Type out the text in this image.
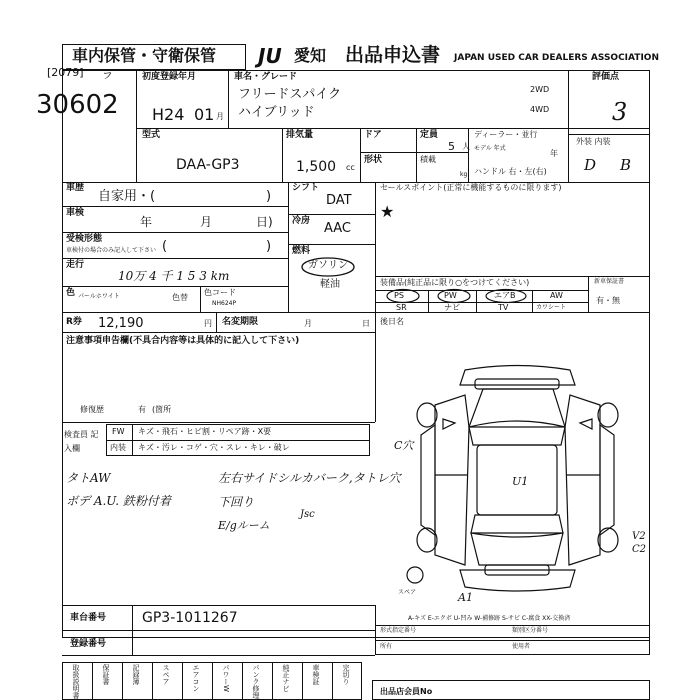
車内保管・守衛保管 JU 愛知 出品申込書 JAPAN USED CAR DEALERS ASSOCIATION
[2079] ラ
30602
初度登録年月
H24 01 月
車名・グレード
フリードスパイク
ハイブリッド
2WD
4WD
評価点
3
外装 内装
D B
型式
DAA-GP3
排気量
1,500 cc
ドア
形状
定員
5 人
積載
kg
ディーラー・並行
モデル 年式
年
ハンドル 右・左(右)
車歴
自家用・(	)
車検
年	月	日)
受検形態
車検付の場合のみ記入して下さい (	)
走行
10万 4 千 1 5 3 km
色 パールホワイト	色替
色コード
NH624P
シフト
DAT
冷房 AAC
燃料
ガソリン
軽油
セールスポイント(正常に機能するものに限ります)
★
装備品(純正品に限り○をつけてください)	新車保証書
有・無
PS	PW	エアB	AW
SR	ナビ	TV	カワシート
R券 12,190	円 名変期限	月	日 後日名
注意事項申告欄(不具合内容等は具体的に記入して下さい)
修復歴	有 (箇所
検査員 記入欄
FW キズ・飛石・ヒビ割・リペア跡・X要
内装 キズ・汚レ・コゲ・穴・スレ・キレ・破レ
タトAW	左右サイドシルカバーク,タトレ穴
ボデ A.U. 鉄粉付着	下回り
E/gルーム
Jsc
C穴
U1
V2
C2
A1
スペア
A-キズ E-エクボ U-凹み W-補修跡 S-サビ C-腐食 XX-交換済
車台番号	GP3-1011267
登録番号
形式指定番号	類別区分番号
所有	使用者
取扱説明書	保証書	記録簿	スペア	エアコン	パワーW	パンク修理	純正ナビ	車検証	完切り
出品店会員No
